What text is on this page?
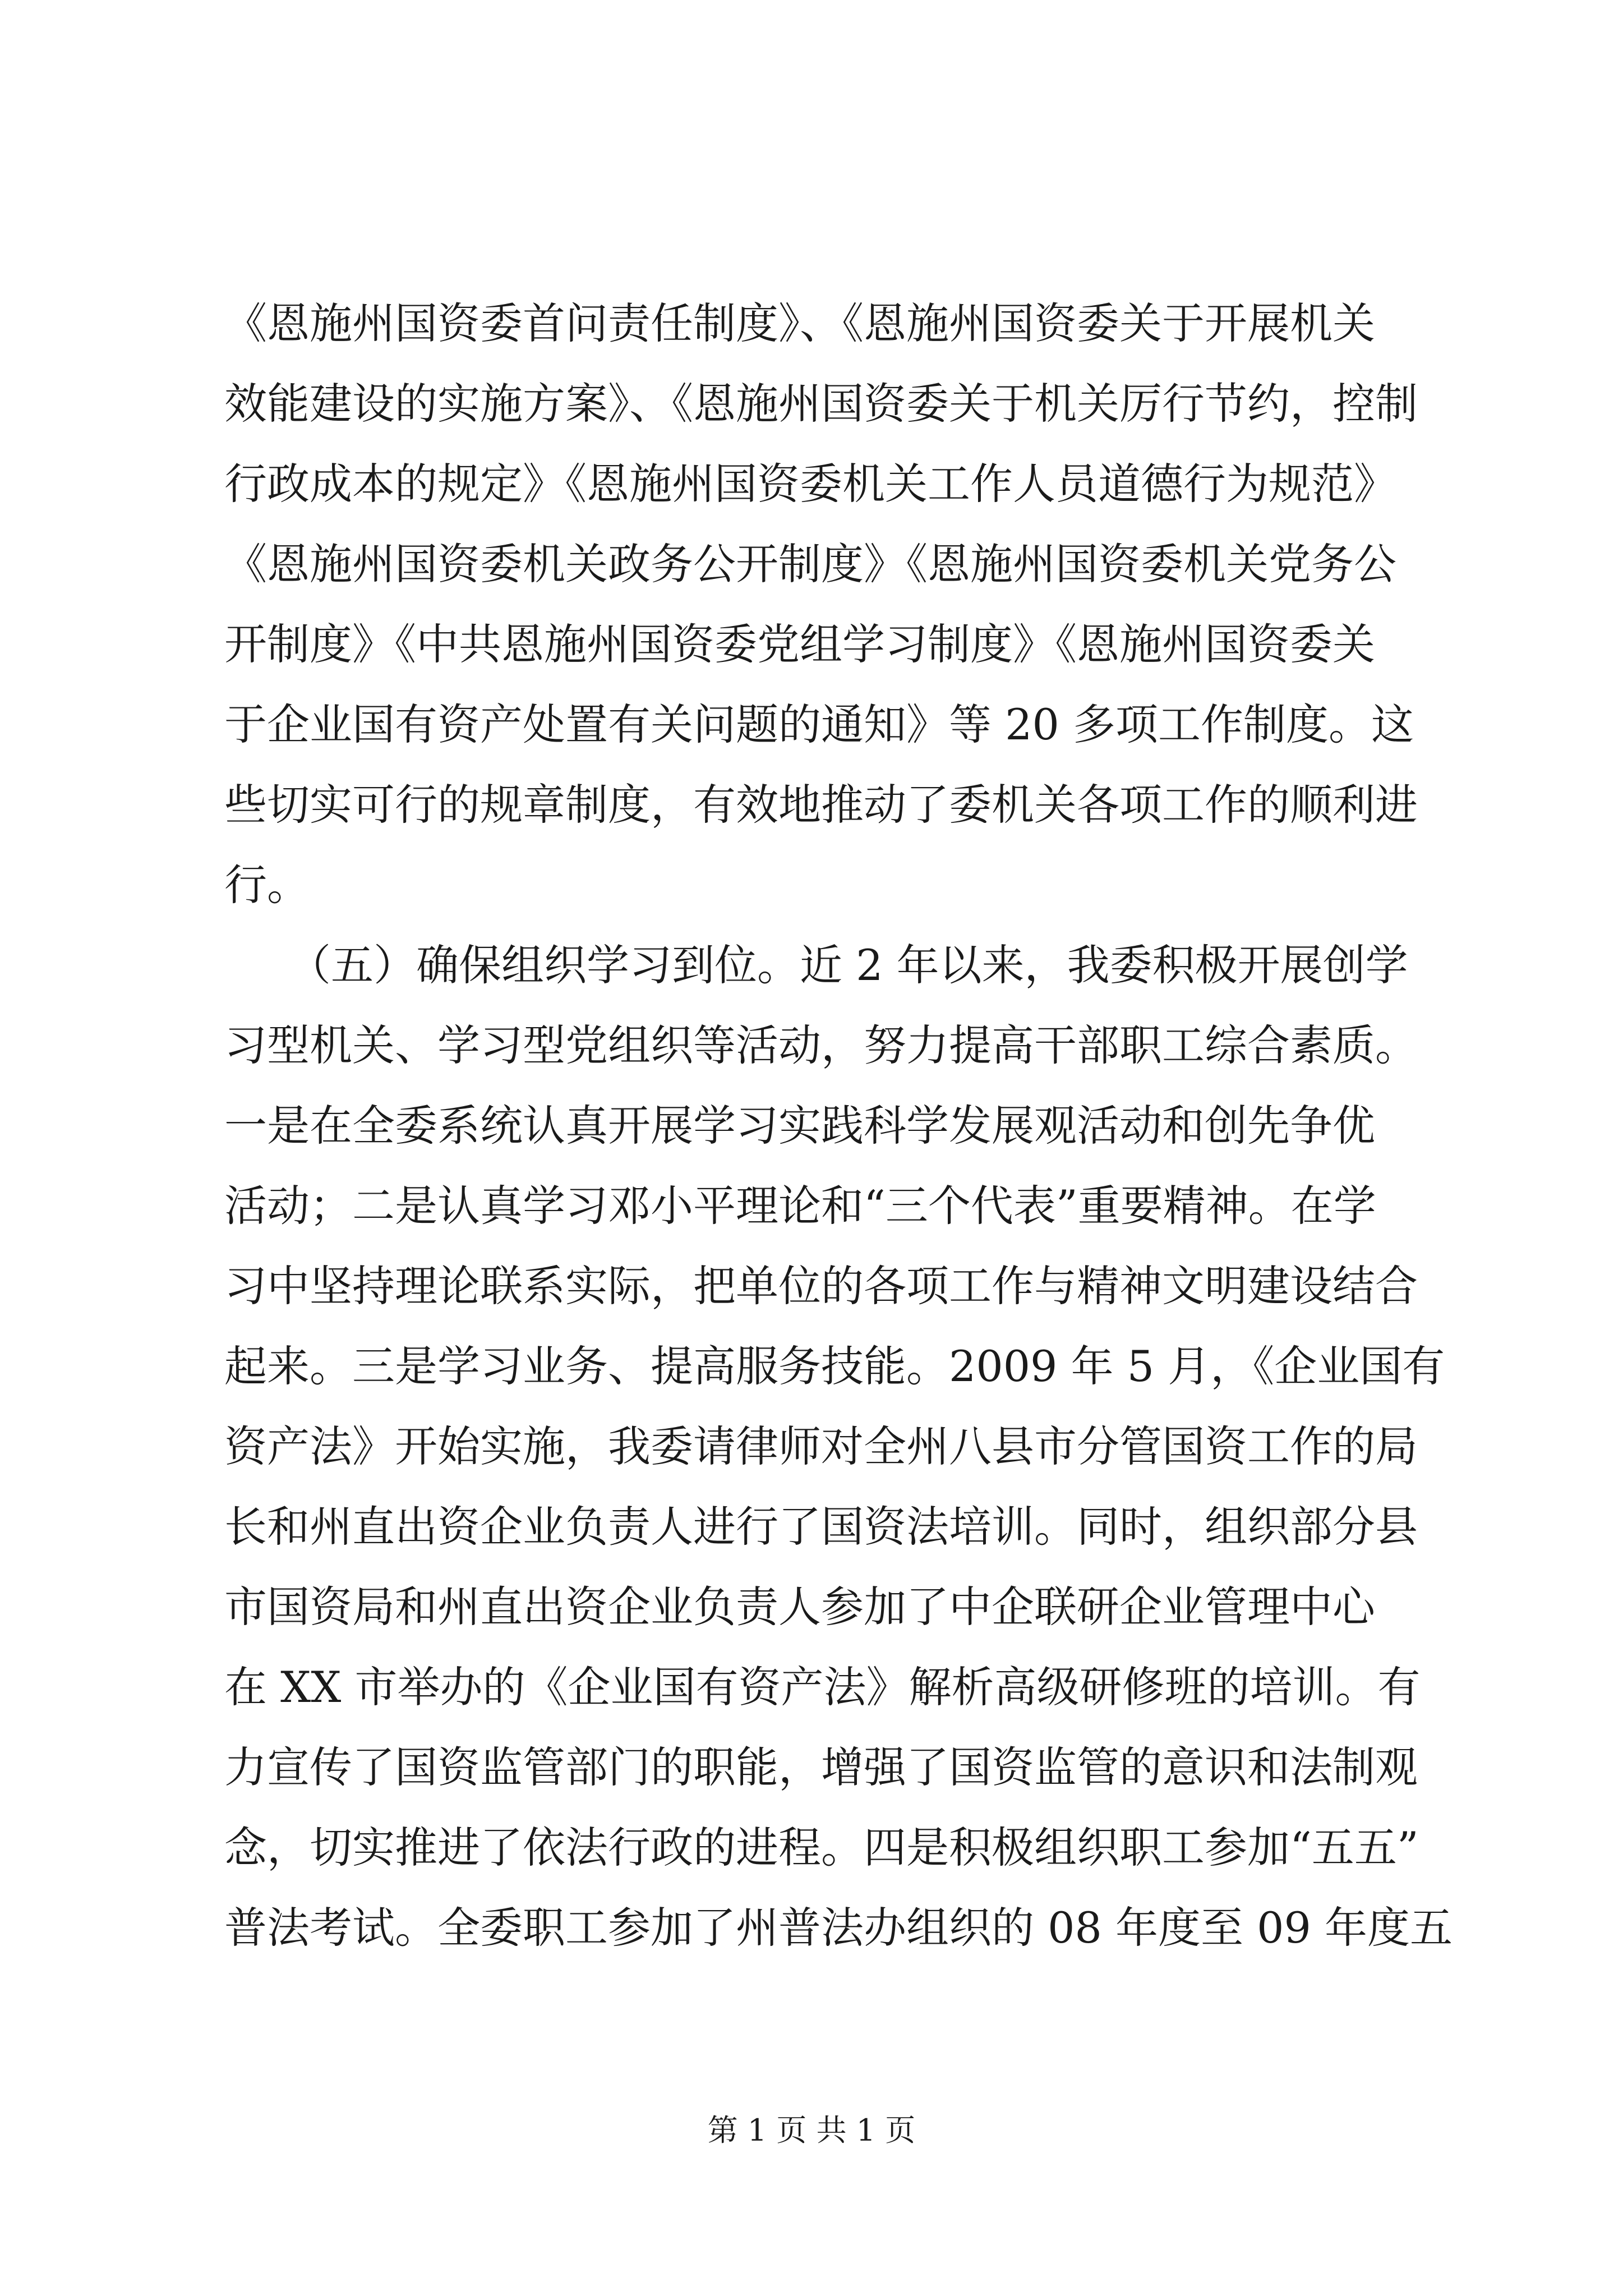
《恩施州国资委首问责任制度》、《恩施州国资委关于开展机关
效能建设的实施方案》、《恩施州国资委关于机关厉行节约，控制
行政成本的规定》《恩施州国资委机关工作人员道德行为规范》
《恩施州国资委机关政务公开制度》《恩施州国资委机关党务公
开制度》《中共恩施州国资委党组学习制度》《恩施州国资委关
于企业国有资产处置有关问题的通知》等 20 多项工作制度。这
些切实可行的规章制度，有效地推动了委机关各项工作的顺利进
行。
　　（五）确保组织学习到位。近 2 年以来，我委积极开展创学
习型机关、学习型党组织等活动，努力提高干部职工综合素质。
一是在全委系统认真开展学习实践科学发展观活动和创先争优
活动；二是认真学习邓小平理论和“三个代表”重要精神。在学
习中坚持理论联系实际，把单位的各项工作与精神文明建设结合
起来。三是学习业务、提高服务技能。2009 年 5 月，《企业国有
资产法》开始实施，我委请律师对全州八县市分管国资工作的局
长和州直出资企业负责人进行了国资法培训。同时，组织部分县
市国资局和州直出资企业负责人参加了中企联研企业管理中心
在 XX 市举办的《企业国有资产法》解析高级研修班的培训。有
力宣传了国资监管部门的职能，增强了国资监管的意识和法制观
念，切实推进了依法行政的进程。四是积极组织职工参加“五五”
普法考试。全委职工参加了州普法办组织的 08 年度至 09 年度五
第 1 页 共 1 页
